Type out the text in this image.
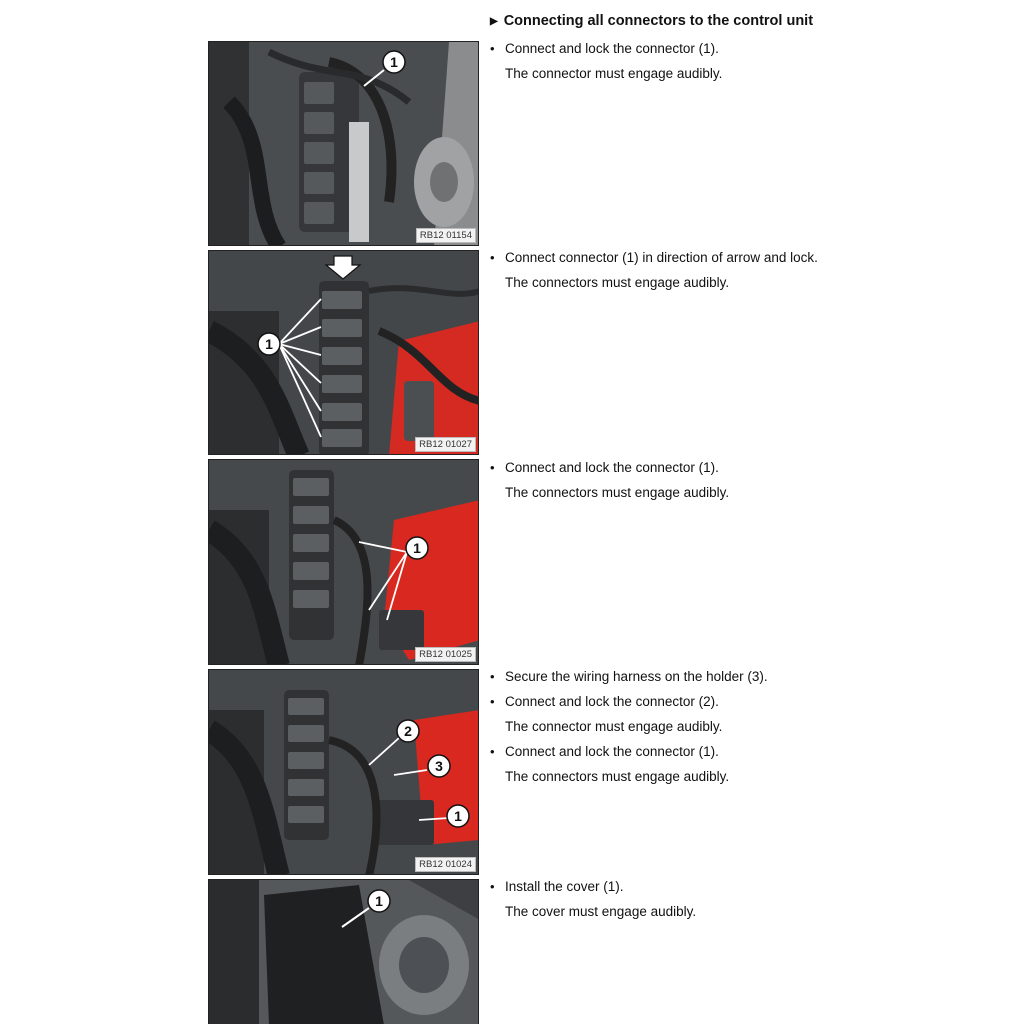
▶ Connecting all connectors to the control unit
1
RB12 01154
• Connect and lock the connector (1).
The connector must engage audibly.
1
RB12 01027
• Connect connector (1) in direction of arrow and lock.
The connectors must engage audibly.
1
RB12 01025
• Connect and lock the connector (1).
The connectors must engage audibly.
2
3
1
RB12 01024
• Secure the wiring harness on the holder (3).
• Connect and lock the connector (2).
The connector must engage audibly.
• Connect and lock the connector (1).
The connectors must engage audibly.
1
• Install the cover (1).
The cover must engage audibly.
